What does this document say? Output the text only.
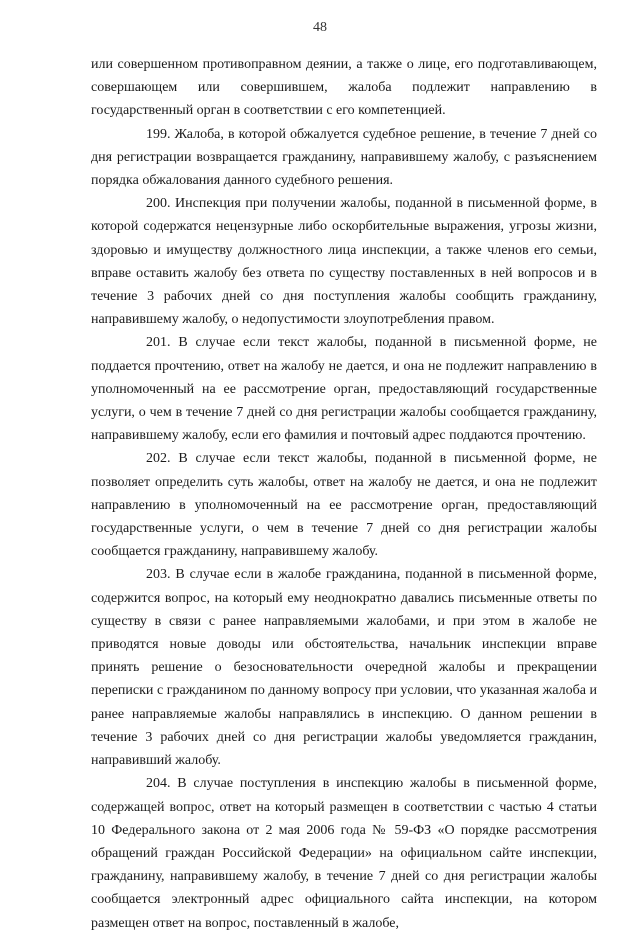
48

или совершенном противоправном деянии, а также о лице, его подготавливающем, совершающем или совершившем, жалоба подлежит направлению в государственный орган в соответствии с его компетенцией.

199. Жалоба, в которой обжалуется судебное решение, в течение 7 дней со дня регистрации возвращается гражданину, направившему жалобу, с разъяснением порядка обжалования данного судебного решения.

200. Инспекция при получении жалобы, поданной в письменной форме, в которой содержатся нецензурные либо оскорбительные выражения, угрозы жизни, здоровью и имуществу должностного лица инспекции, а также членов его семьи, вправе оставить жалобу без ответа по существу поставленных в ней вопросов и в течение 3 рабочих дней со дня поступления жалобы сообщить гражданину, направившему жалобу, о недопустимости злоупотребления правом.

201. В случае если текст жалобы, поданной в письменной форме, не поддается прочтению, ответ на жалобу не дается, и она не подлежит направлению в уполномоченный на ее рассмотрение орган, предоставляющий государственные услуги, о чем в течение 7 дней со дня регистрации жалобы сообщается гражданину, направившему жалобу, если его фамилия и почтовый адрес поддаются прочтению.

202. В случае если текст жалобы, поданной в письменной форме, не позволяет определить суть жалобы, ответ на жалобу не дается, и она не подлежит направлению в уполномоченный на ее рассмотрение орган, предоставляющий государственные услуги, о чем в течение 7 дней со дня регистрации жалобы сообщается гражданину, направившему жалобу.

203. В случае если в жалобе гражданина, поданной в письменной форме, содержится вопрос, на который ему неоднократно давались письменные ответы по существу в связи с ранее направляемыми жалобами, и при этом в жалобе не приводятся новые доводы или обстоятельства, начальник инспекции вправе принять решение о безосновательности очередной жалобы и прекращении переписки с гражданином по данному вопросу при условии, что указанная жалоба и ранее направляемые жалобы направлялись в инспекцию. О данном решении в течение 3 рабочих дней со дня регистрации жалобы уведомляется гражданин, направивший жалобу.

204. В случае поступления в инспекцию жалобы в письменной форме, содержащей вопрос, ответ на который размещен в соответствии с частью 4 статьи 10 Федерального закона от 2 мая 2006 года № 59-ФЗ «О порядке рассмотрения обращений граждан Российской Федерации» на официальном сайте инспекции, гражданину, направившему жалобу, в течение 7 дней со дня регистрации жалобы сообщается электронный адрес официального сайта инспекции, на котором размещен ответ на вопрос, поставленный в жалобе,
